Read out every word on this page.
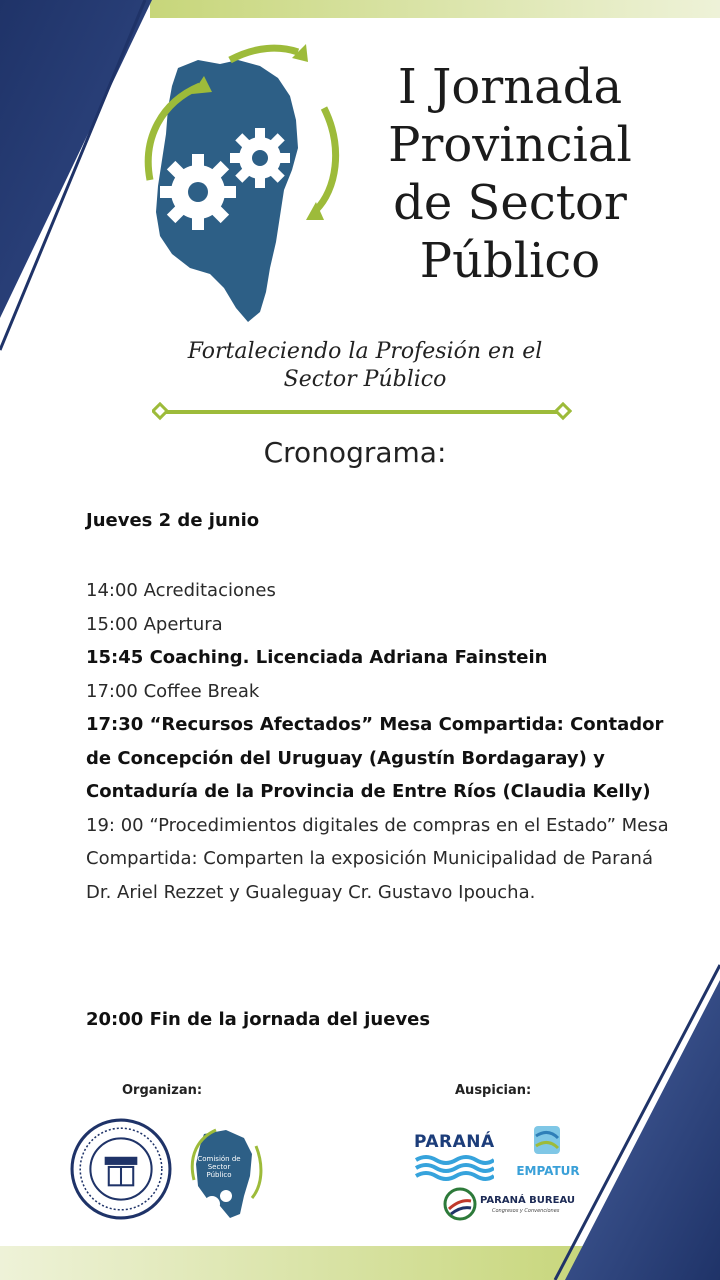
I Jornada
Provincial
de Sector
Público
Fortaleciendo la Profesión en el
Sector Público
Cronograma:
Jueves 2 de junio

14:00 Acreditaciones

15:00 Apertura

15:45 Coaching. Licenciada Adriana Fainstein

17:00 Coffee Break

17:30 “Recursos Afectados” Mesa Compartida: Contador de Concepción del Uruguay (Agustín Bordagaray) y Contaduría de la Provincia de Entre Ríos (Claudia Kelly)

19: 00 “Procedimientos digitales de compras en el Estado” Mesa Compartida: Comparten la exposición Municipalidad de Paraná Dr. Ariel Rezzet y Gualeguay Cr. Gustavo Ipoucha.

20:00 Fin de la jornada del jueves
Organizan:	Auspician:
Comisión de Sector Público
PARANÁ
EMPATUR
PARANÁ BUREAU
Congresos y Convenciones
